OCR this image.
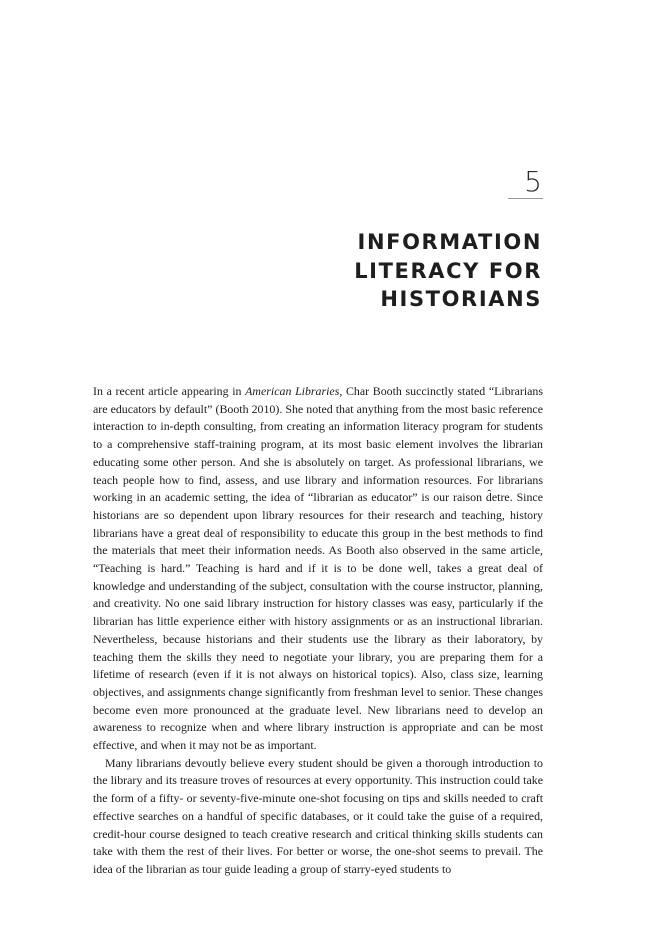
5
INFORMATION
LITERACY FOR
HISTORIANS

In a recent article appearing in American Libraries, Char Booth succinctly stated “Librarians are educators by default” (Booth 2010). She noted that anything from the most basic reference interaction to in-depth consulting, from creating an information literacy program for students to a comprehensive staff-training program, at its most basic element involves the librarian educating some other person. And she is absolutely on target. As professional librarians, we teach people how to find, assess, and use library and information resources. For librarians working in an academic setting, the idea of “librarian as educator” is our raison d̂etre. Since historians are so dependent upon library resources for their research and teaching, history librarians have a great deal of responsibility to educate this group in the best methods to find the materials that meet their information needs. As Booth also observed in the same article, “Teaching is hard.” Teaching is hard and if it is to be done well, takes a great deal of knowledge and understanding of the subject, consultation with the course instructor, planning, and creativity. No one said library instruction for history classes was easy, particularly if the librarian has little experience either with history assignments or as an instructional librarian. Nevertheless, because historians and their students use the library as their laboratory, by teaching them the skills they need to negotiate your library, you are preparing them for a lifetime of research (even if it is not always on historical topics). Also, class size, learning objectives, and assignments change significantly from freshman level to senior. These changes become even more pronounced at the graduate level. New librarians need to develop an awareness to recognize when and where library instruction is appropriate and can be most effective, and when it may not be as important.

Many librarians devoutly believe every student should be given a thorough introduction to the library and its treasure troves of resources at every opportunity. This instruction could take the form of a fifty- or seventy-five-minute one-shot focusing on tips and skills needed to craft effective searches on a handful of specific databases, or it could take the guise of a required, credit-hour course designed to teach creative research and critical thinking skills students can take with them the rest of their lives. For better or worse, the one-shot seems to prevail. The idea of the librarian as tour guide leading a group of starry-eyed students to
